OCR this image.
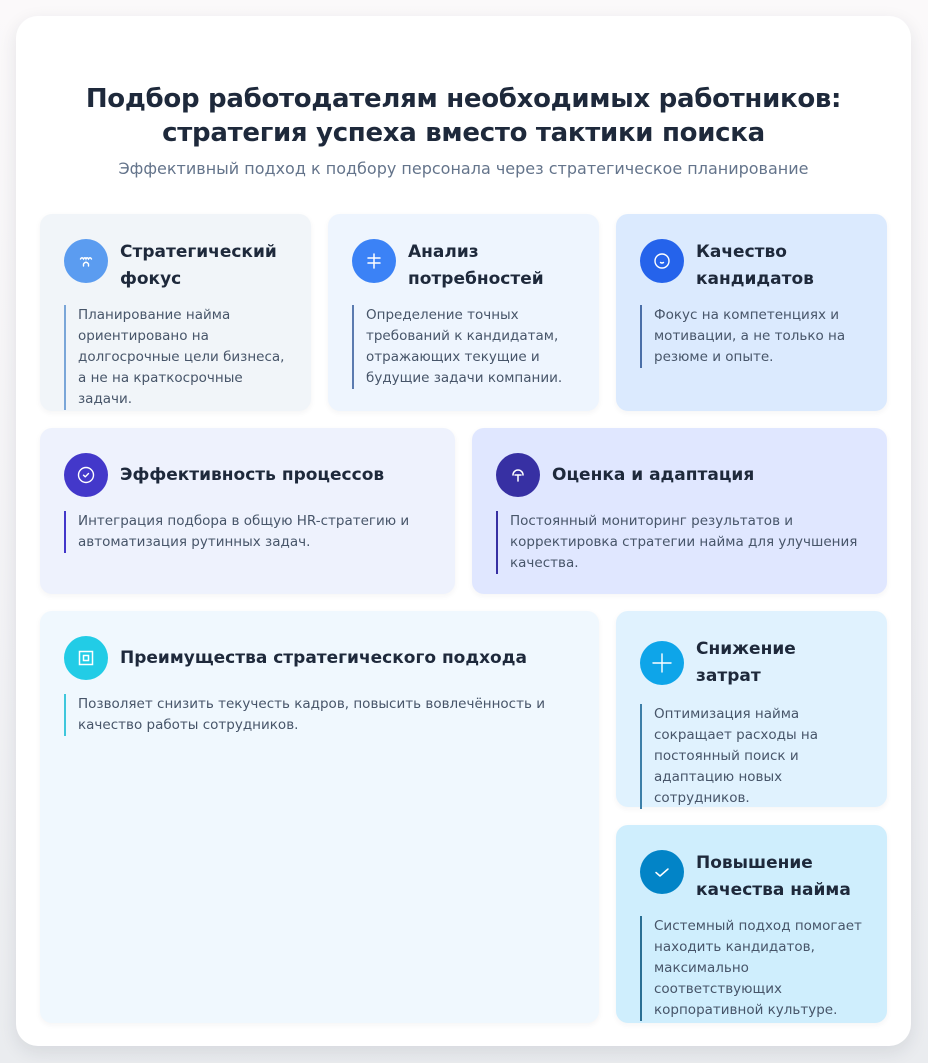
Подбор работодателям необходимых работников: стратегия успеха вместо тактики поиска

Эффективный подход к подбору персонала через стратегическое планирование

Стратегический фокус
Планирование найма ориентировано на долгосрочные цели бизнеса, а не на краткосрочные задачи.
Анализ потребностей
Определение точных требований к кандидатам, отражающих текущие и будущие задачи компании.
Качество кандидатов
Фокус на компетенциях и мотивации, а не только на резюме и опыте.
Эффективность процессов
Интеграция подбора в общую HR-стратегию и автоматизация рутинных задач.
Оценка и адаптация
Постоянный мониторинг результатов и корректировка стратегии найма для улучшения качества.
Преимущества стратегического подхода
Позволяет снизить текучесть кадров, повысить вовлечённость и качество работы сотрудников.
Снижение затрат
Оптимизация найма сокращает расходы на постоянный поиск и адаптацию новых сотрудников.
Повышение качества найма
Системный подход помогает находить кандидатов, максимально соответствующих корпоративной культуре.
